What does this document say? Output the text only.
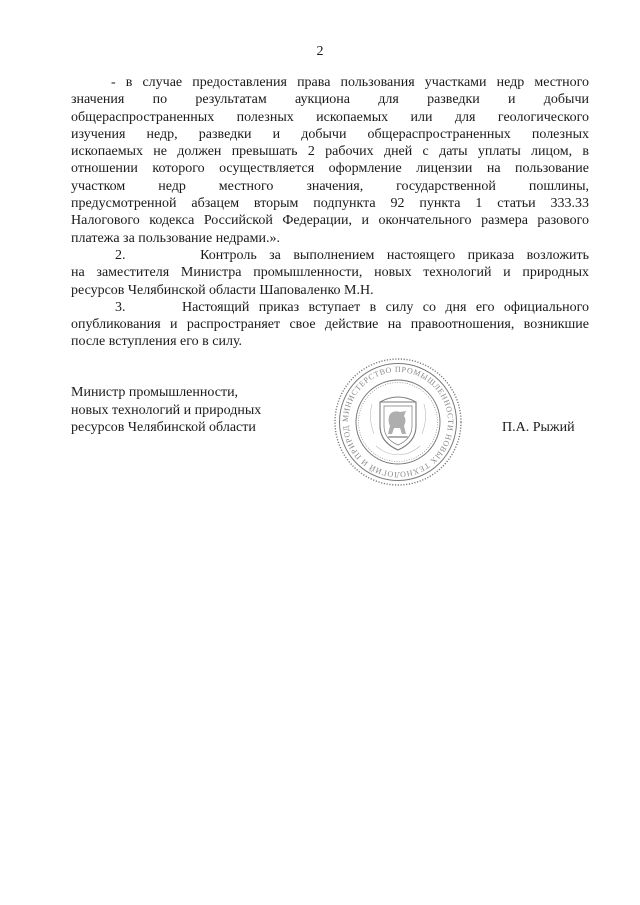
2
- в случае предоставления права пользования участками недр местного
значения по результатам аукциона для разведки и добычи
общераспространенных полезных ископаемых или для геологического
изучения недр, разведки и добычи общераспространенных полезных
ископаемых не должен превышать 2 рабочих дней с даты уплаты лицом, в
отношении которого осуществляется оформление лицензии на пользование
участком недр местного значения, государственной пошлины,
предусмотренной абзацем вторым подпункта 92 пункта 1 статьи 333.33
Налогового кодекса Российской Федерации, и окончательного размера разового
платежа за пользование недрами.».
2.      Контроль за выполнением настоящего приказа возложить
на заместителя Министра промышленности, новых технологий и природных
ресурсов Челябинской области Шаповаленко М.Н.
3.      Настоящий приказ вступает в силу со дня его официального
опубликования и распространяет свое действие на правоотношения, возникшие
после вступления его в силу.
Министр промышленности,
новых технологий и природных
ресурсов Челябинской области	П.А. Рыжий
МИНИСТЕРСТВО ПРОМЫШЛЕННОСТИ НОВЫХ ТЕХНОЛОГИЙ И ПРИРОД
